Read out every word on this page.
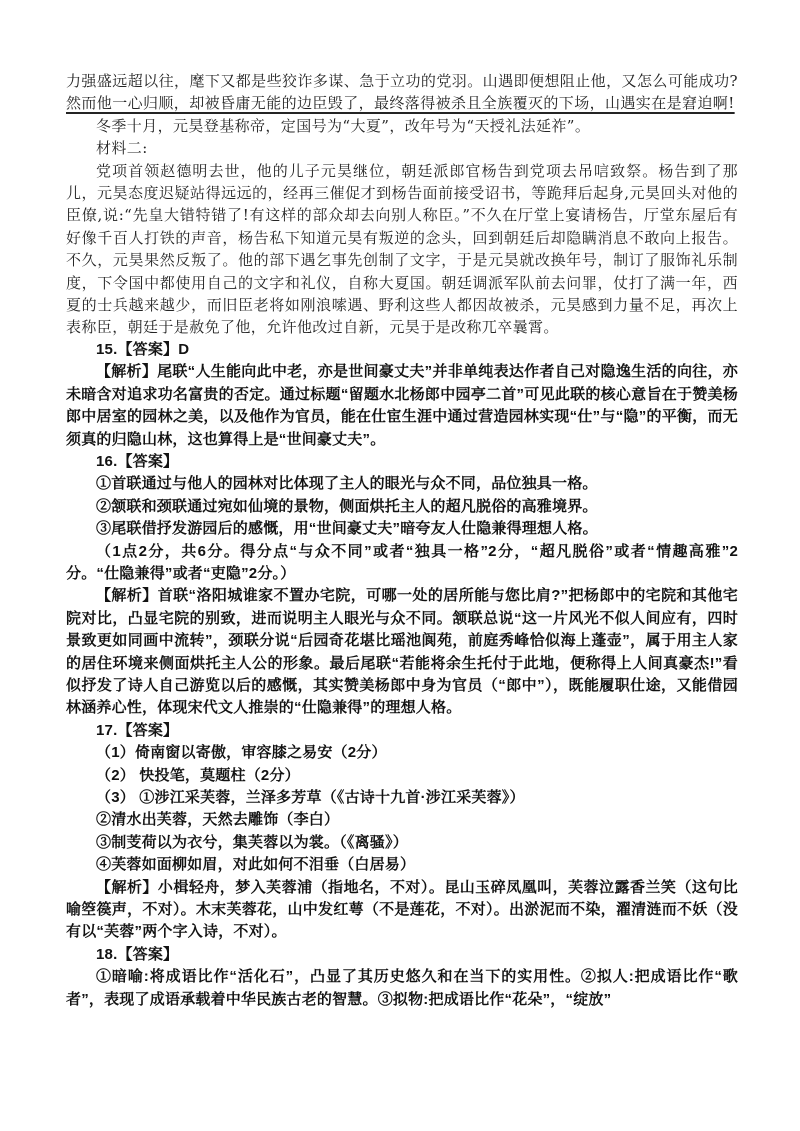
力强盛远超以往，麾下又都是些狡诈多谋、急于立功的党羽。山遇即便想阻止他，又怎么可能成功?然而他一心归顺，却被昏庸无能的边臣毁了，最终落得被杀且全族覆灭的下场，山遇实在是窘迫啊!

冬季十月，元昊登基称帝，定国号为“大夏”，改年号为“天授礼法延祚”。

材料二:

党项首领赵德明去世，他的儿子元昊继位，朝廷派郎官杨告到党项去吊唁致祭。杨告到了那儿，元昊态度迟疑站得远远的，经再三催促才到杨告面前接受诏书，等跪拜后起身,元昊回头对他的臣僚,说:“先皇大错特错了!有这样的部众却去向别人称臣。”不久在厅堂上宴请杨告，厅堂东屋后有好像千百人打铁的声音，杨告私下知道元昊有叛逆的念头，回到朝廷后却隐瞒消息不敢向上报告。不久，元昊果然反叛了。他的部下遇乞事先创制了文字，于是元昊就改换年号，制订了服饰礼乐制度，下令国中都使用自己的文字和礼仪，自称大夏国。朝廷调派军队前去问罪，仗打了满一年，西夏的士兵越来越少，而旧臣老将如刚浪嗦遇、野利这些人都因故被杀，元昊感到力量不足，再次上表称臣，朝廷于是赦免了他，允许他改过自新，元昊于是改称兀卒曩霄。

15.【答案】D

【解析】尾联“人生能向此中老，亦是世间豪丈夫”并非单纯表达作者自己对隐逸生活的向往，亦未暗含对追求功名富贵的否定。通过标题“留题水北杨郎中园亭二首”可见此联的核心意旨在于赞美杨郎中居室的园林之美，以及他作为官员，能在仕宦生涯中通过营造园林实现“仕”与“隐”的平衡，而无须真的归隐山林，这也算得上是“世间豪丈夫”。

16.【答案】

①首联通过与他人的园林对比体现了主人的眼光与众不同，品位独具一格。

②颔联和颈联通过宛如仙境的景物，侧面烘托主人的超凡脱俗的高雅境界。

③尾联借抒发游园后的感慨，用“世间豪丈夫”暗夸友人仕隐兼得理想人格。

（1点2分，共6分。得分点“与众不同”或者“独具一格”2分，“超凡脱俗”或者“情趣高雅”2分。“仕隐兼得”或者“吏隐”2分。）

【解析】首联“洛阳城谁家不置办宅院，可哪一处的居所能与您比肩?”把杨郎中的宅院和其他宅院对比，凸显宅院的别致，进而说明主人眼光与众不同。颔联总说“这一片风光不似人间应有，四时景致更如同画中流转”，颈联分说“后园奇花堪比瑶池阆苑，前庭秀峰恰似海上蓬壶”，属于用主人家的居住环境来侧面烘托主人公的形象。最后尾联“若能将余生托付于此地，便称得上人间真豪杰!”看似抒发了诗人自己游览以后的感慨，其实赞美杨郎中身为官员（“郎中”），既能履职仕途，又能借园林涵养心性，体现宋代文人推崇的“仕隐兼得”的理想人格。

17.【答案】

（1）倚南窗以寄傲，审容膝之易安（2分）

（2） 快投笔，莫题柱（2分）

（3） ①涉江采芙蓉，兰泽多芳草（《古诗十九首·涉江采芙蓉》）

②清水出芙蓉，天然去雕饰（李白）

③制芰荷以为衣兮，集芙蓉以为裳。（《离骚》）

④芙蓉如面柳如眉，对此如何不泪垂（白居易）

【解析】小楫轻舟，梦入芙蓉浦（指地名，不对）。昆山玉碎凤凰叫，芙蓉泣露香兰笑（这句比喻箜篌声，不对）。木末芙蓉花，山中发红萼（不是莲花，不对）。出淤泥而不染，濯清涟而不妖（没有以“芙蓉”两个字入诗，不对）。

18.【答案】

①暗喻:将成语比作“活化石”，凸显了其历史悠久和在当下的实用性。②拟人:把成语比作“歌者”，表现了成语承载着中华民族古老的智慧。③拟物:把成语比作“花朵”，“绽放”
